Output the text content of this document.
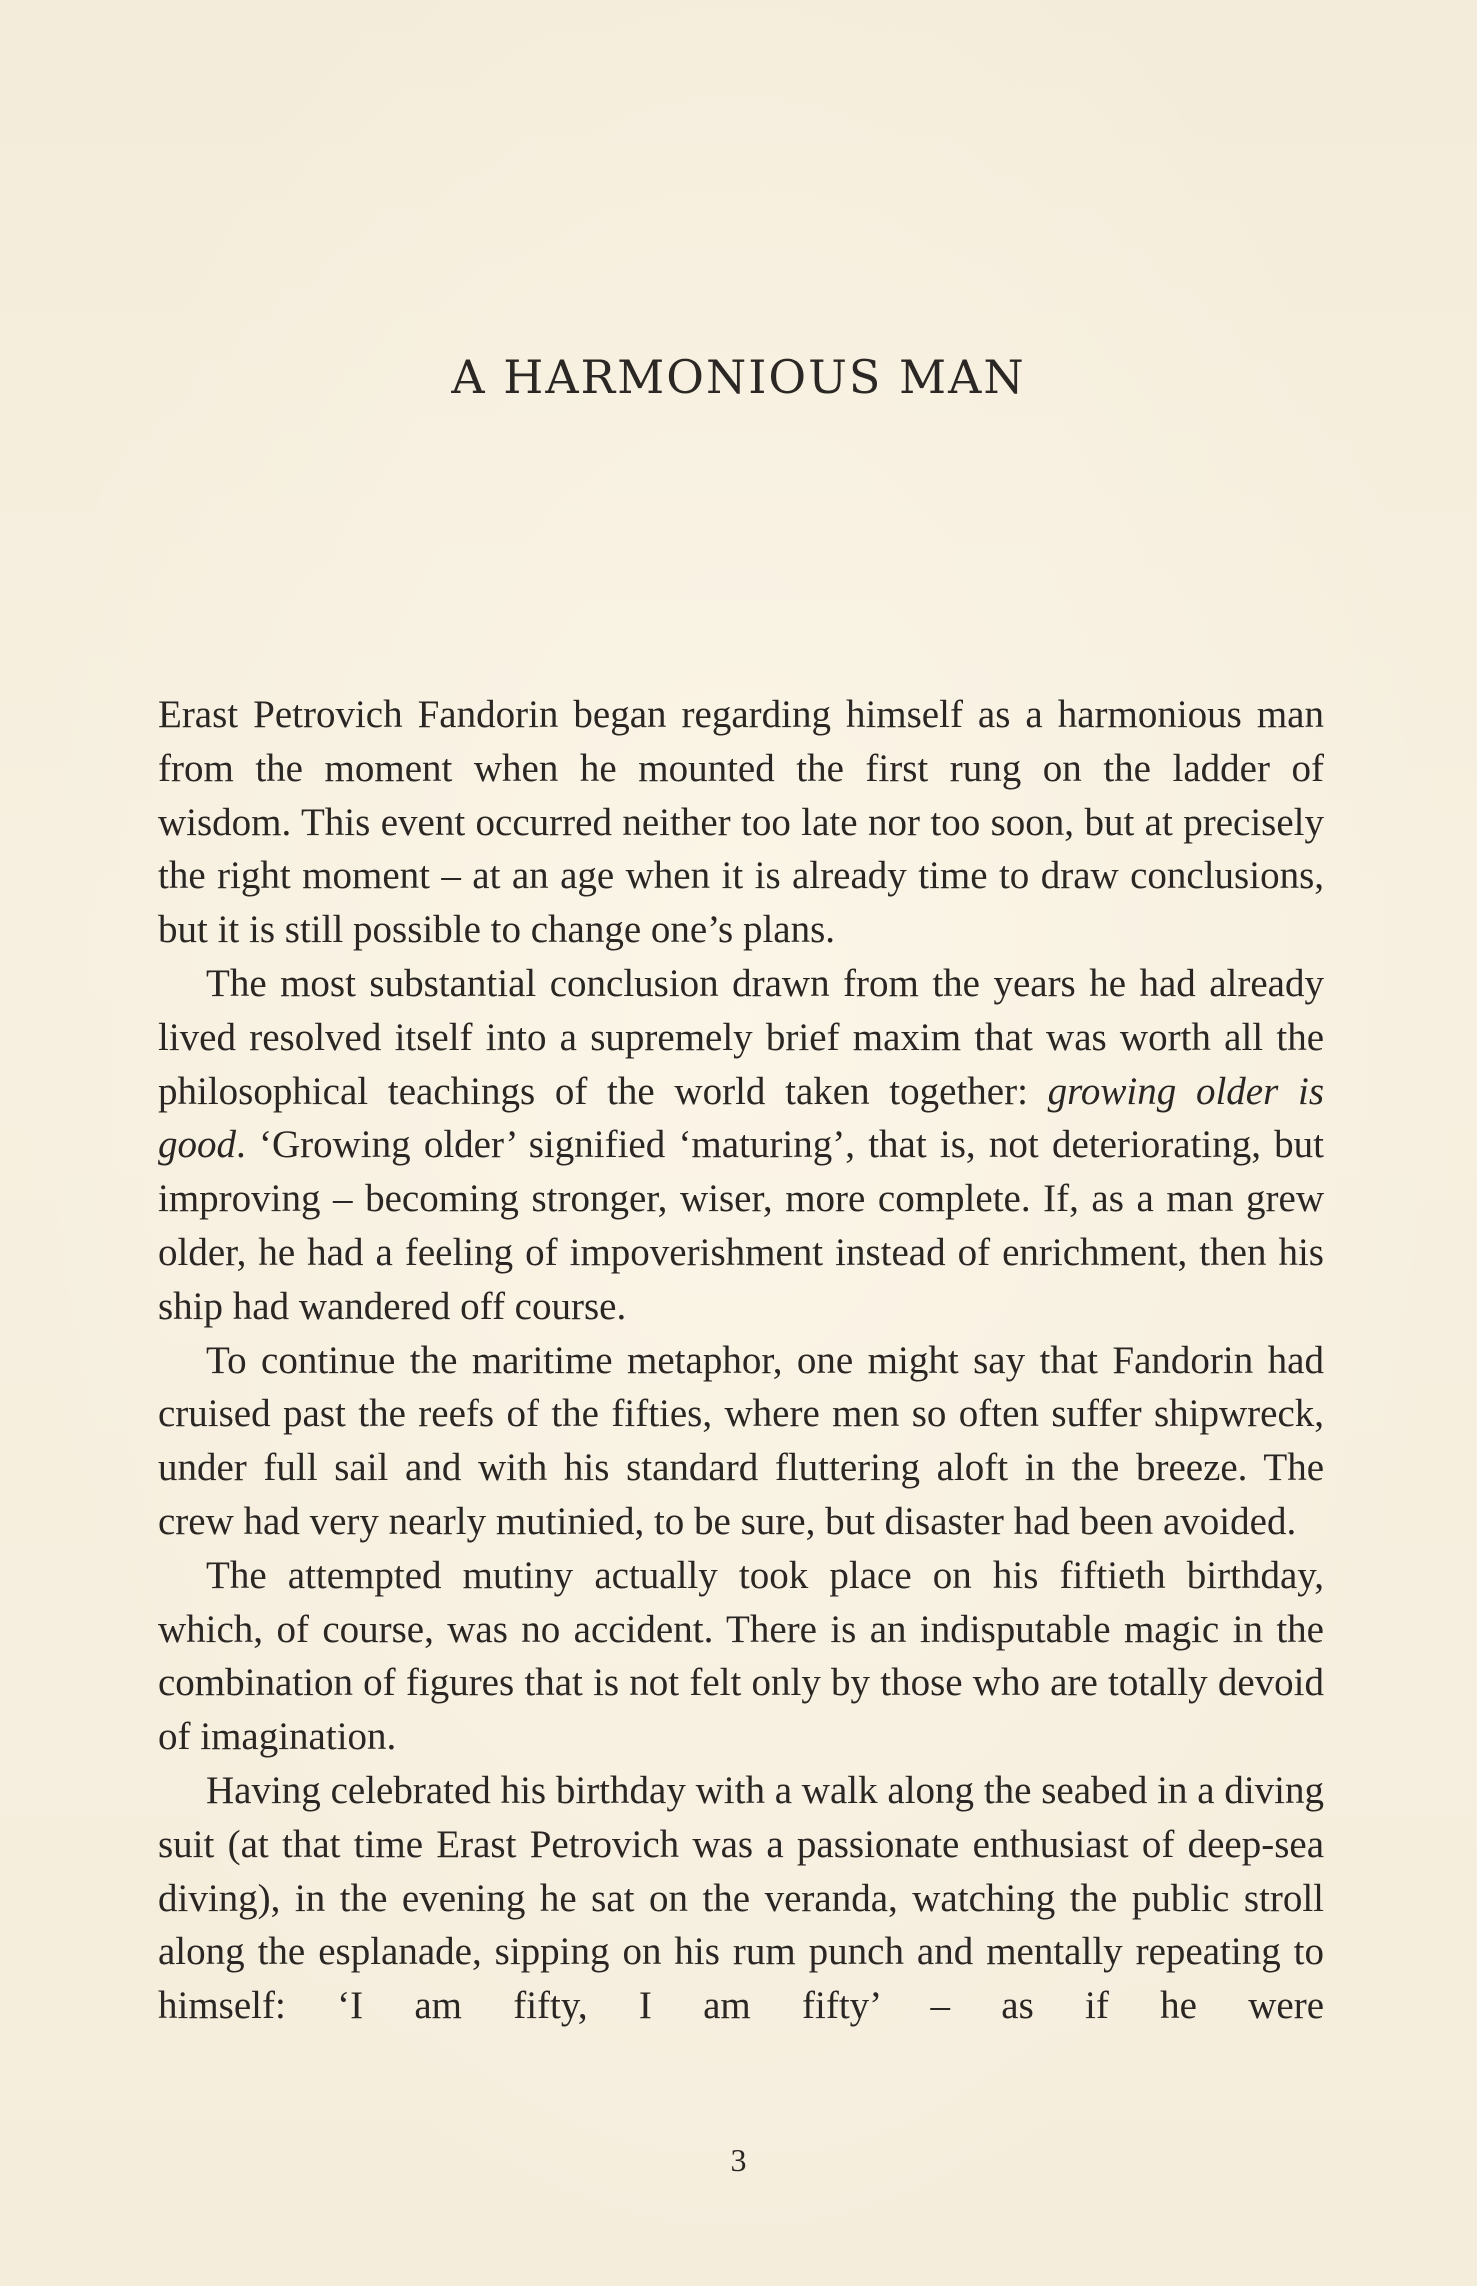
A HARMONIOUS MAN

Erast Petrovich Fandorin began regarding himself as a harmonious man from the moment when he mounted the first rung on the ladder of wisdom. This event occurred neither too late nor too soon, but at precisely the right moment – at an age when it is already time to draw conclusions, but it is still possible to change one’s plans.

The most substantial conclusion drawn from the years he had already lived resolved itself into a supremely brief maxim that was worth all the philosophical teachings of the world taken together: growing older is good. ‘Growing older’ signified ‘maturing’, that is, not deteriorating, but improving – becoming stronger, wiser, more complete. If, as a man grew older, he had a feeling of impoverishment instead of enrichment, then his ship had wandered off course.

To continue the maritime metaphor, one might say that Fandorin had cruised past the reefs of the fifties, where men so often suffer shipwreck, under full sail and with his standard fluttering aloft in the breeze. The crew had very nearly mutinied, to be sure, but disaster had been avoided.

The attempted mutiny actually took place on his fiftieth birthday, which, of course, was no accident. There is an indisputable magic in the combination of figures that is not felt only by those who are totally devoid of imagination.

Having celebrated his birthday with a walk along the seabed in a diving suit (at that time Erast Petrovich was a passionate enthusiast of deep-sea diving), in the evening he sat on the veranda, watching the public stroll along the esplanade, sipping on his rum punch and mentally repeating to himself: ‘I am fifty, I am fifty’ – as if he were

3
